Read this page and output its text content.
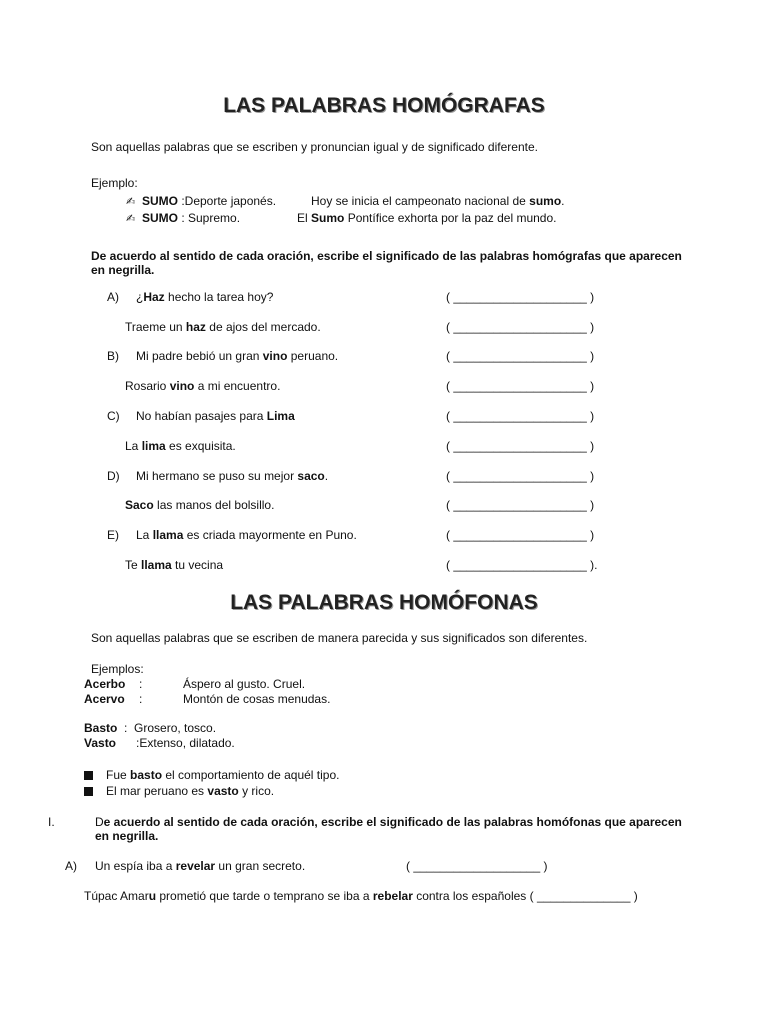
LAS PALABRAS HOMÓGRAFAS
Son aquellas palabras que se escriben y pronuncian igual y de significado diferente.
Ejemplo:
✍ SUMO :Deporte japonés.	Hoy se inicia el campeonato nacional de sumo.
✍ SUMO : Supremo.	El Sumo Pontífice exhorta por la paz del mundo.
De acuerdo al sentido de cada oración, escribe el significado de las palabras homógrafas que aparecen en negrilla.
A) ¿Haz hecho la tarea hoy?	( ____________________ )
Traeme un haz de ajos del mercado.	( ____________________ )
B) Mi padre bebió un gran vino peruano.	( ____________________ )
Rosario vino a mi encuentro.	( ____________________ )
C) No habían pasajes para Lima	( ____________________ )
La lima es exquisita.	( ____________________ )
D) Mi hermano se puso su mejor saco.	( ____________________ )
Saco las manos del bolsillo.	( ____________________ )
E) La llama es criada mayormente en Puno.	( ____________________ )
Te llama tu vecina	( ____________________ ).
LAS PALABRAS HOMÓFONAS
Son aquellas palabras que se escriben de manera parecida y sus significados son diferentes.
Ejemplos:
Acerbo :	Áspero al gusto. Cruel.
Acervo :	Montón de cosas menudas.
Basto  :  Grosero, tosco.
Vasto      :Extenso, dilatado.
Fue basto el comportamiento de aquél tipo.
El mar peruano es vasto y rico.
I.	De acuerdo al sentido de cada oración, escribe el significado de las palabras homófonas que aparecen
en negrilla.
A) Un espía iba a revelar un gran secreto.	( ___________________ )
Túpac Amaru prometió que tarde o temprano se iba a rebelar contra los españoles ( ______________ )
